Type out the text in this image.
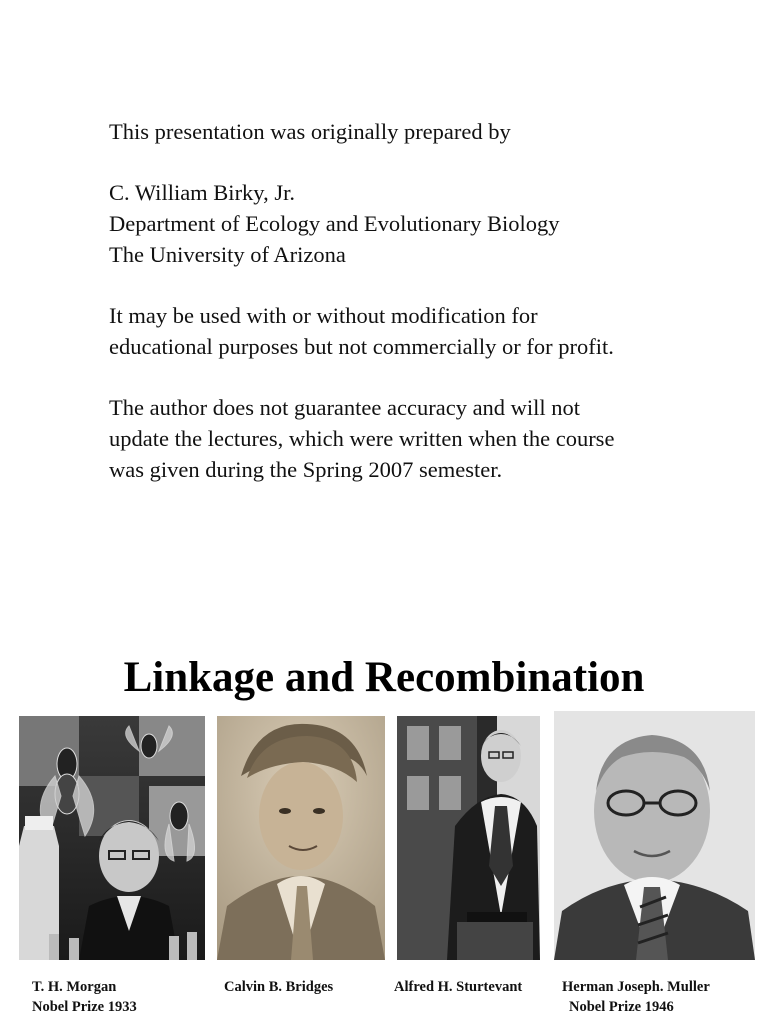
This presentation was originally prepared by

C. William Birky, Jr.
Department of Ecology and Evolutionary Biology
The University of Arizona

It may be used with or without modification for
educational purposes but not commercially or for profit.

The author does not guarantee accuracy and will not
update the lectures, which were written when the course
was given during the Spring 2007 semester.

Linkage and Recombination
T. H. Morgan
Nobel Prize 1933
Calvin B. Bridges	Alfred H. Sturtevant	Herman Joseph. Muller
Nobel Prize 1946
